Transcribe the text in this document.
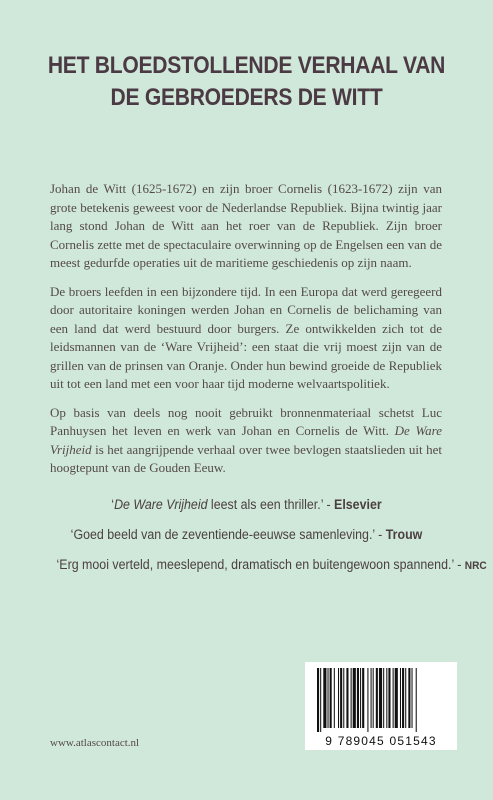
HET BLOEDSTOLLENDE VERHAAL VAN
DE GEBROEDERS DE WITT

Johan de Witt (1625-1672) en zijn broer Cornelis (1623-1672) zijn van grote betekenis geweest voor de Nederlandse Republiek. Bijna twintig jaar lang stond Johan de Witt aan het roer van de Republiek. Zijn broer Cornelis zette met de spectaculaire overwinning op de Engelsen een van de meest gedurfde operaties uit de maritieme geschiedenis op zijn naam.

De broers leefden in een bijzondere tijd. In een Europa dat werd geregeerd door autoritaire koningen werden Johan en Cornelis de belichaming van een land dat werd bestuurd door burgers. Ze ontwikkelden zich tot de leidsmannen van de ‘Ware Vrijheid’: een staat die vrij moest zijn van de grillen van de prinsen van Oranje. Onder hun bewind groeide de Republiek uit tot een land met een voor haar tijd moderne welvaartspolitiek.

Op basis van deels nog nooit gebruikt bronnenmateriaal schetst Luc Panhuysen het leven en werk van Johan en Cornelis de Witt. De Ware Vrijheid is het aangrijpende verhaal over twee bevlogen staatslieden uit het hoogtepunt van de Gouden Eeuw.

‘De Ware Vrijheid leest als een thriller.’ - Elsevier
‘Goed beeld van de zeventiende-eeuwse samenleving.’ - Trouw
‘Erg mooi verteld, meeslepend, dramatisch en buitengewoon spannend.’ - NRC
www.atlascontact.nl	9 789045 051543
